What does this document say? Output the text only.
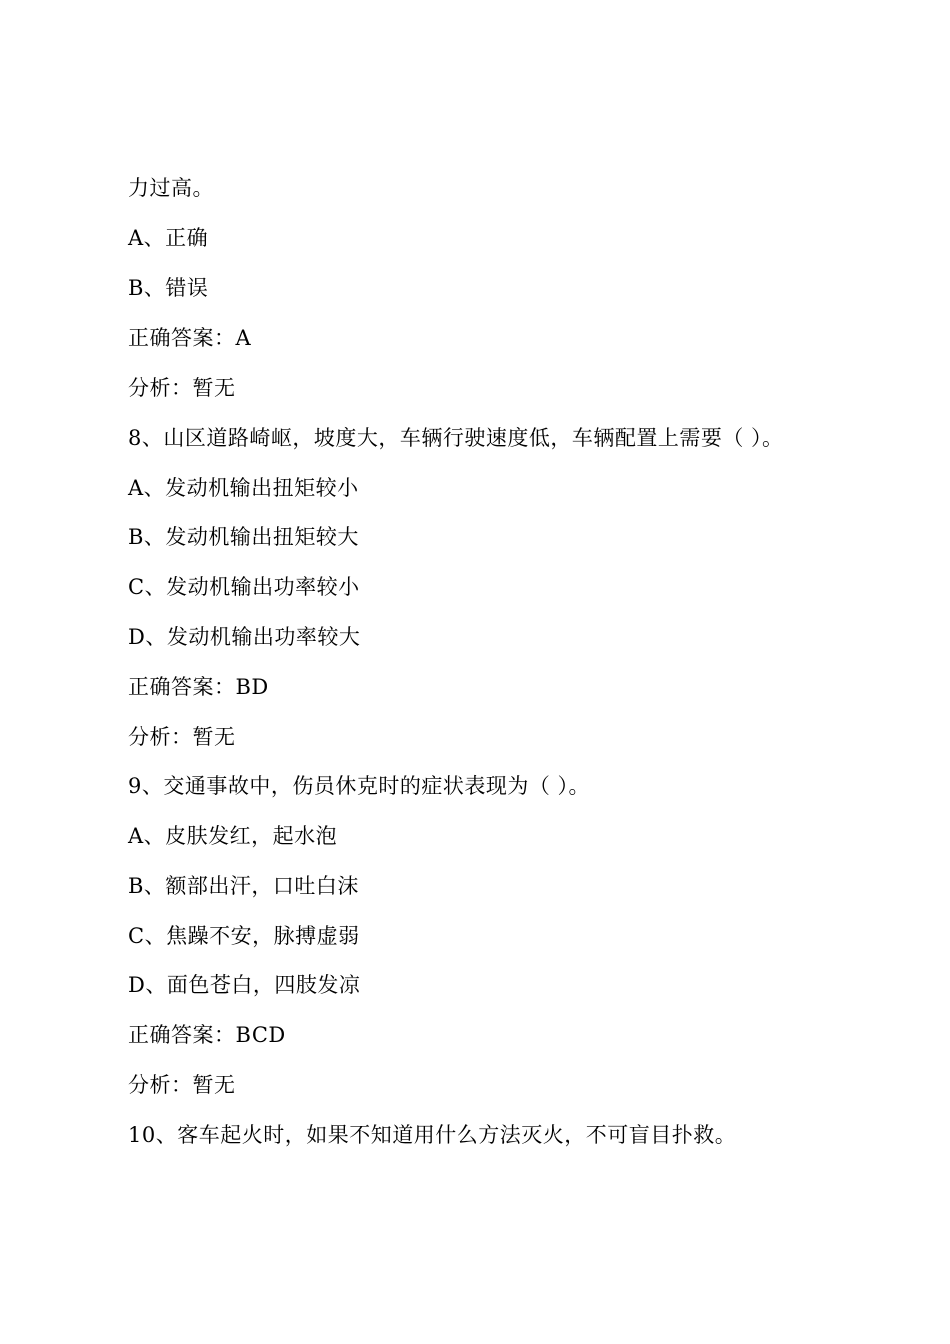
力过高。
A、正确
B、错误
正确答案：A
分析：暂无
8、山区道路崎岖，坡度大，车辆行驶速度低，车辆配置上需要（ ）。
A、发动机输出扭矩较小
B、发动机输出扭矩较大
C、发动机输出功率较小
D、发动机输出功率较大
正确答案：BD
分析：暂无
9、交通事故中，伤员休克时的症状表现为（ ）。
A、皮肤发红，起水泡
B、额部出汗，口吐白沫
C、焦躁不安，脉搏虚弱
D、面色苍白，四肢发凉
正确答案：BCD
分析：暂无
10、客车起火时，如果不知道用什么方法灭火，不可盲目扑救。
